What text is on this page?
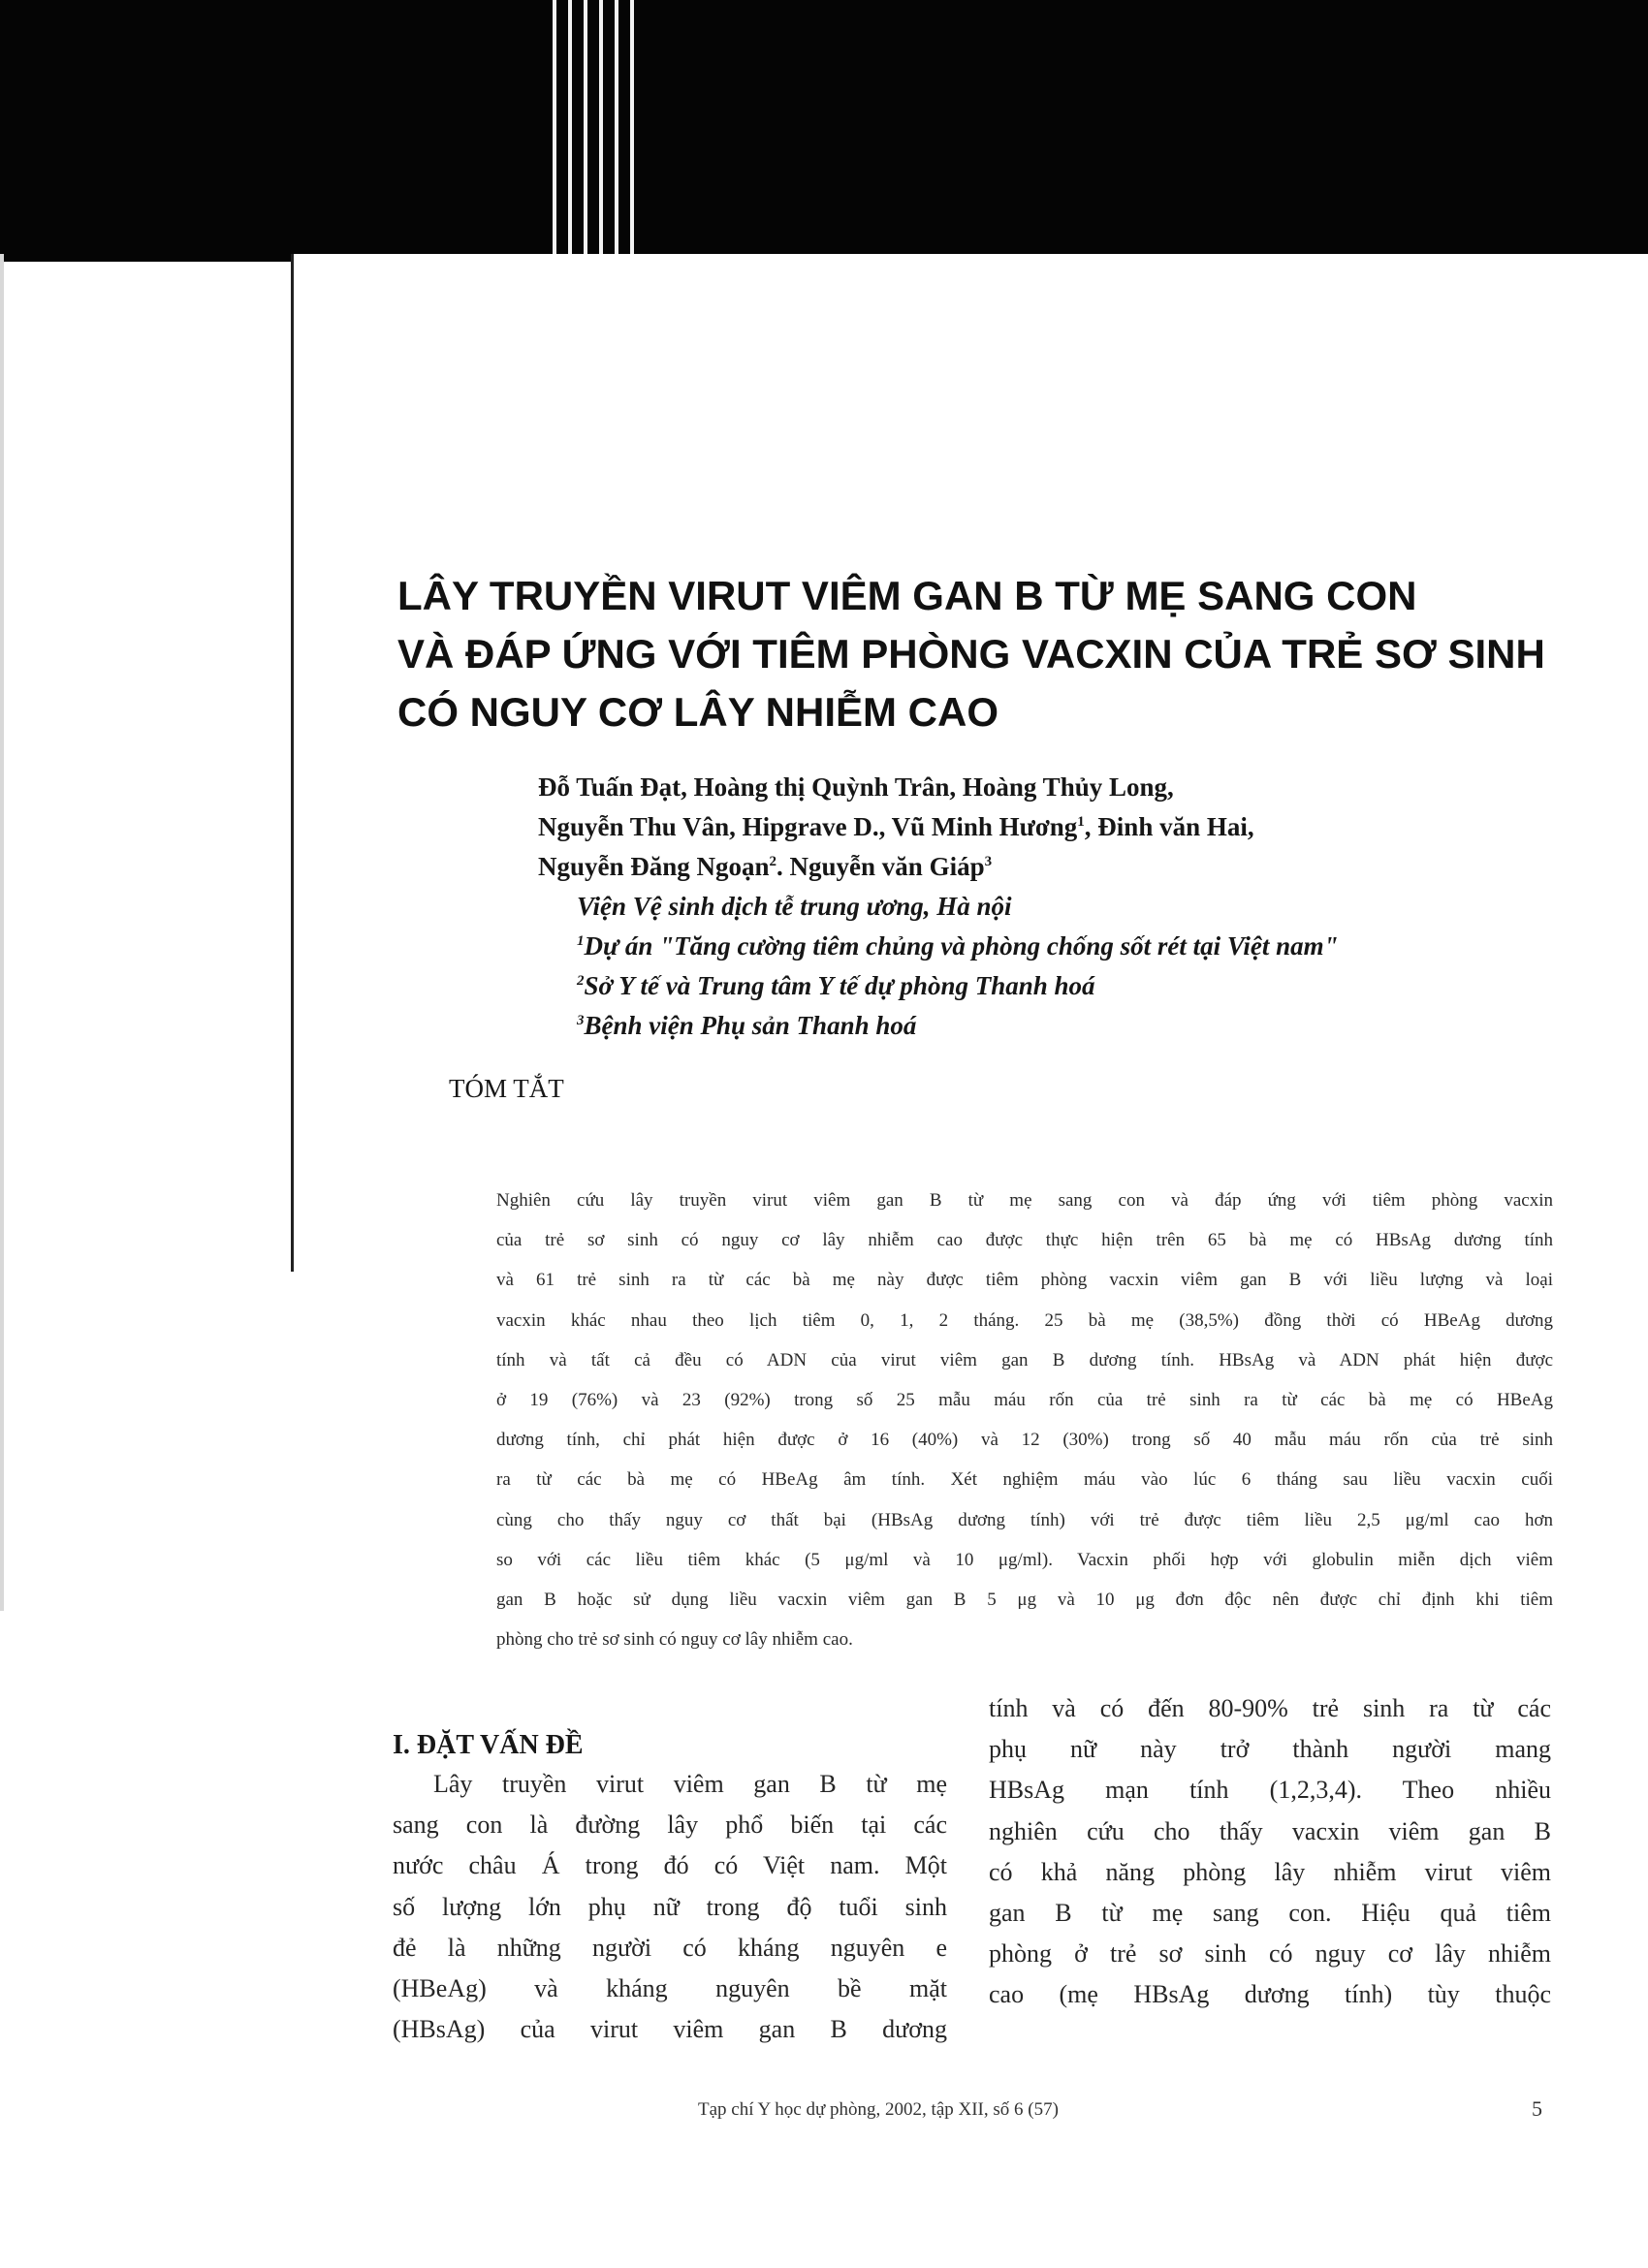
LÂY TRUYỀN VIRUT VIÊM GAN B TỪ MẸ SANG CON
VÀ ĐÁP ỨNG VỚI TIÊM PHÒNG VACXIN CỦA TRẺ SƠ SINH
CÓ NGUY CƠ LÂY NHIỄM CAO
Đỗ Tuấn Đạt, Hoàng thị Quỳnh Trân, Hoàng Thủy Long,
Nguyễn Thu Vân, Hipgrave D., Vũ Minh Hương$^1$, Đinh văn Hai,
Nguyễn Đăng Ngoạn$^2$. Nguyễn văn Giáp$^3$
Viện Vệ sinh dịch tễ trung ương, Hà nội
$^1$Dự án "Tăng cường tiêm chủng và phòng chống sốt rét tại Việt nam"
$^2$Sở Y tế và Trung tâm Y tế dự phòng Thanh hoá
$^3$Bệnh viện Phụ sản Thanh hoá
TÓM TẮT
Nghiên cứu lây truyền virut viêm gan B từ mẹ sang con và đáp ứng với tiêm phòng vacxin
của trẻ sơ sinh có nguy cơ lây nhiễm cao được thực hiện trên 65 bà mẹ có HBsAg dương tính
và 61 trẻ sinh ra từ các bà mẹ này được tiêm phòng vacxin viêm gan B với liều lượng và loại
vacxin khác nhau theo lịch tiêm 0, 1, 2 tháng. 25 bà mẹ (38,5%) đồng thời có HBeAg dương
tính và tất cả đều có ADN của virut viêm gan B dương tính. HBsAg và ADN phát hiện được
ở 19 (76%) và 23 (92%) trong số 25 mẫu máu rốn của trẻ sinh ra từ các bà mẹ có HBeAg
dương tính, chỉ phát hiện được ở 16 (40%) và 12 (30%) trong số 40 mẫu máu rốn của trẻ sinh
ra từ các bà mẹ có HBeAg âm tính. Xét nghiệm máu vào lúc 6 tháng sau liều vacxin cuối
cùng cho thấy nguy cơ thất bại (HBsAg dương tính) với trẻ được tiêm liều 2,5 μg/ml cao hơn
so với các liều tiêm khác (5 μg/ml và 10 μg/ml). Vacxin phối hợp với globulin miễn dịch viêm
gan B hoặc sử dụng liều vacxin viêm gan B 5 μg và 10 μg đơn độc nên được chỉ định khi tiêm
phòng cho trẻ sơ sinh có nguy cơ lây nhiễm cao.
I. ĐẶT VẤN ĐỀ
Lây truyền virut viêm gan B từ mẹ
sang con là đường lây phổ biến tại các
nước châu Á trong đó có Việt nam. Một
số lượng lớn phụ nữ trong độ tuổi sinh
đẻ là những người có kháng nguyên e
(HBeAg) và kháng nguyên bề mặt
(HBsAg) của virut viêm gan B dương
tính và có đến 80-90% trẻ sinh ra từ các
phụ nữ này trở thành người mang
HBsAg mạn tính (1,2,3,4). Theo nhiều
nghiên cứu cho thấy vacxin viêm gan B
có khả năng phòng lây nhiễm virut viêm
gan B từ mẹ sang con. Hiệu quả tiêm
phòng ở trẻ sơ sinh có nguy cơ lây nhiễm
cao (mẹ HBsAg dương tính) tùy thuộc
Tạp chí Y học dự phòng, 2002, tập XII, số 6 (57)	5
